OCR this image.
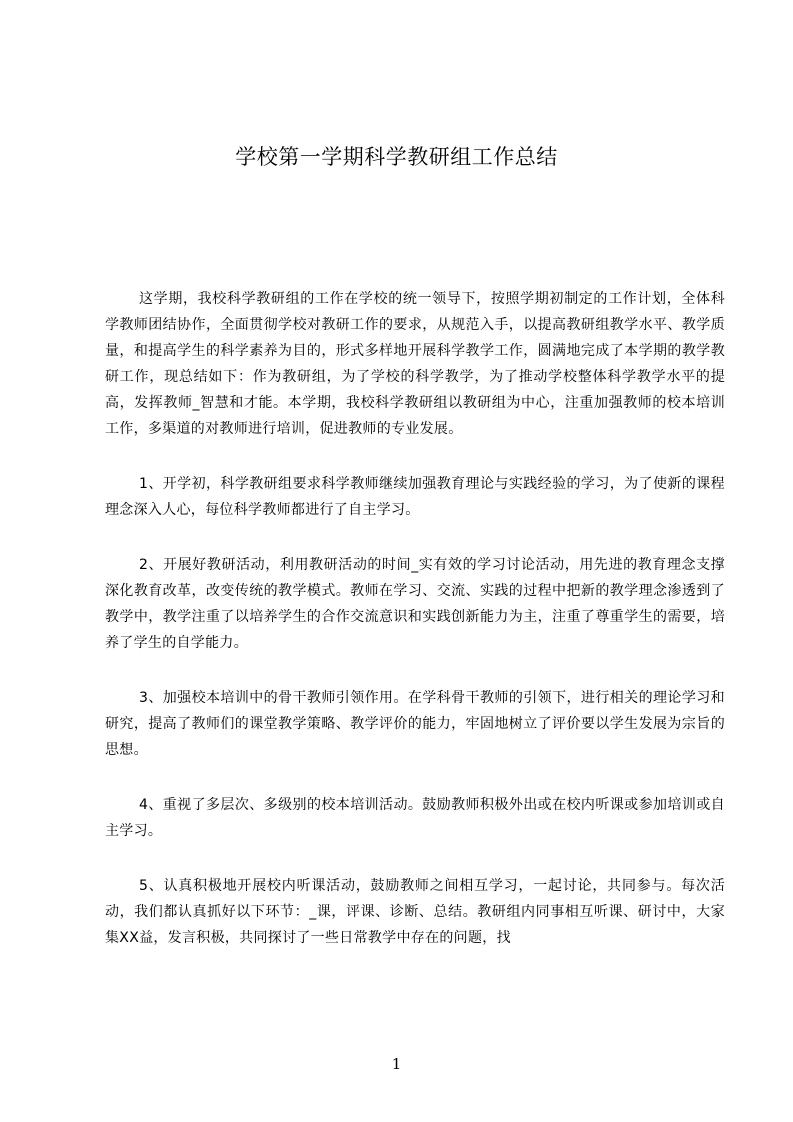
学校第一学期科学教研组工作总结

这学期，我校科学教研组的工作在学校的统一领导下，按照学期初制定的工作计划，全体科学教师团结协作，全面贯彻学校对教研工作的要求，从规范入手，以提高教研组教学水平、教学质量，和提高学生的科学素养为目的，形式多样地开展科学教学工作，圆满地完成了本学期的教学教研工作，现总结如下：作为教研组，为了学校的科学教学，为了推动学校整体科学教学水平的提高，发挥教师_智慧和才能。本学期，我校科学教研组以教研组为中心，注重加强教师的校本培训工作，多渠道的对教师进行培训，促进教师的专业发展。

1、开学初，科学教研组要求科学教师继续加强教育理论与实践经验的学习，为了使新的课程理念深入人心，每位科学教师都进行了自主学习。

2、开展好教研活动，利用教研活动的时间_实有效的学习讨论活动，用先进的教育理念支撑深化教育改革，改变传统的教学模式。教师在学习、交流、实践的过程中把新的教学理念渗透到了教学中，教学注重了以培养学生的合作交流意识和实践创新能力为主，注重了尊重学生的需要，培养了学生的自学能力。

3、加强校本培训中的骨干教师引领作用。在学科骨干教师的引领下，进行相关的理论学习和研究，提高了教师们的课堂教学策略、教学评价的能力，牢固地树立了评价要以学生发展为宗旨的思想。

4、重视了多层次、多级别的校本培训活动。鼓励教师积极外出或在校内听课或参加培训或自主学习。

5、认真积极地开展校内听课活动，鼓励教师之间相互学习，一起讨论，共同参与。每次活动，我们都认真抓好以下环节：_课，评课、诊断、总结。教研组内同事相互听课、研讨中，大家集XX益，发言积极，共同探讨了一些日常教学中存在的问题，找

1
